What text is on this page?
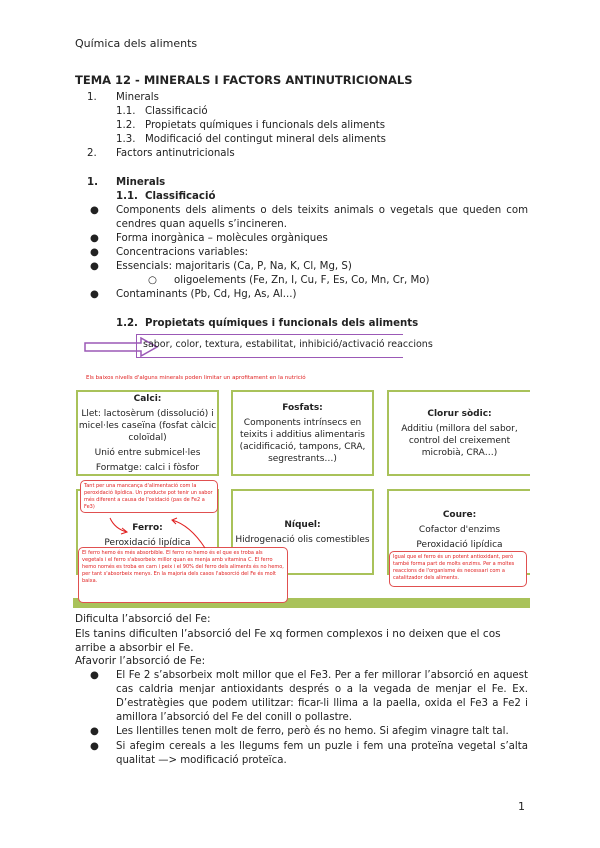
Química dels aliments
TEMA 12 - MINERALS I FACTORS ANTINUTRICIONALS
1. Minerals
1.1. Classificació
1.2. Propietats químiques i funcionals dels aliments
1.3. Modificació del contingut mineral dels aliments
2. Factors antinutricionals
1. Minerals
1.1. Classificació
● Components dels aliments o dels teixits animals o vegetals que queden com cendres quan aquells s’incineren.
● Forma inorgànica – molècules orgàniques
● Concentracions variables:
● Essencials: majoritaris (Ca, P, Na, K, Cl, Mg, S)
○ oligoelements (Fe, Zn, I, Cu, F, Es, Co, Mn, Cr, Mo)
● Contaminants (Pb, Cd, Hg, As, Al...)
1.2. Propietats químiques i funcionals dels aliments
sabor, color, textura, estabilitat, inhibició/activació reaccions
Els baixos nivells d'alguns minerals poden limitar un aprofitament en la nutrició
Calci:
Llet: lactosèrum (dissolució) i micel·les caseïna (fosfat càlcic coloïdal)
Unió entre submicel·les
Formatge: calci i fòsfor
Fosfats:
Components intrínsecs en teixits i additius alimentaris (acidificació, tampons, CRA, segrestrants…)
Clorur sòdic:
Additiu (millora del sabor, control del creixement microbià, CRA…)
Ferro:
Peroxidació lipídica
Níquel:
Hidrogenació olis comestibles
Coure:
Cofactor d'enzims
Peroxidació lipídica
Tant per una mancança d'alimentació com la peroxidació lipídica. Un producte pot tenir un sabor més diferent a causa de l'oxidació (pas de Fe2 a Fe3)
El ferro hemo és més absorbible. El ferro no hemo és el que es troba als vegetals i el ferro s'absorbeix millor quan es menja amb vitamina C. El ferro hemo només es troba en carn i peix i el 90% del ferro dels aliments és no hemo, per tant s'absorbeix menys. En la majoria dels casos l'absorció del Fe és molt baixa.
Igual que el ferro és un potent antioxidant, però també forma part de molts enzims. Per a moltes reaccions de l'organisme és necessari com a catalitzador dels aliments.
Dificulta l’absorció del Fe:
Els tanins dificulten l’absorció del Fe xq formen complexos i no deixen que el cos arribe a absorbir el Fe.
Afavorir l’absorció de Fe:
● El Fe 2 s’absorbeix molt millor que el Fe3. Per a fer millorar l’absorció en aquest cas caldria menjar antioxidants després o a la vegada de menjar el Fe. Ex. D’estratègies que podem utilitzar: ficar-li llima a la paella, oxida el Fe3 a Fe2 i amillora l’absorció del Fe del conill o pollastre.
● Les llentilles tenen molt de ferro, però és no hemo. Si afegim vinagre talt tal.
● Si afegim cereals a les llegums fem un puzle i fem una proteïna vegetal s’alta qualitat —> modificació proteïca.
1
